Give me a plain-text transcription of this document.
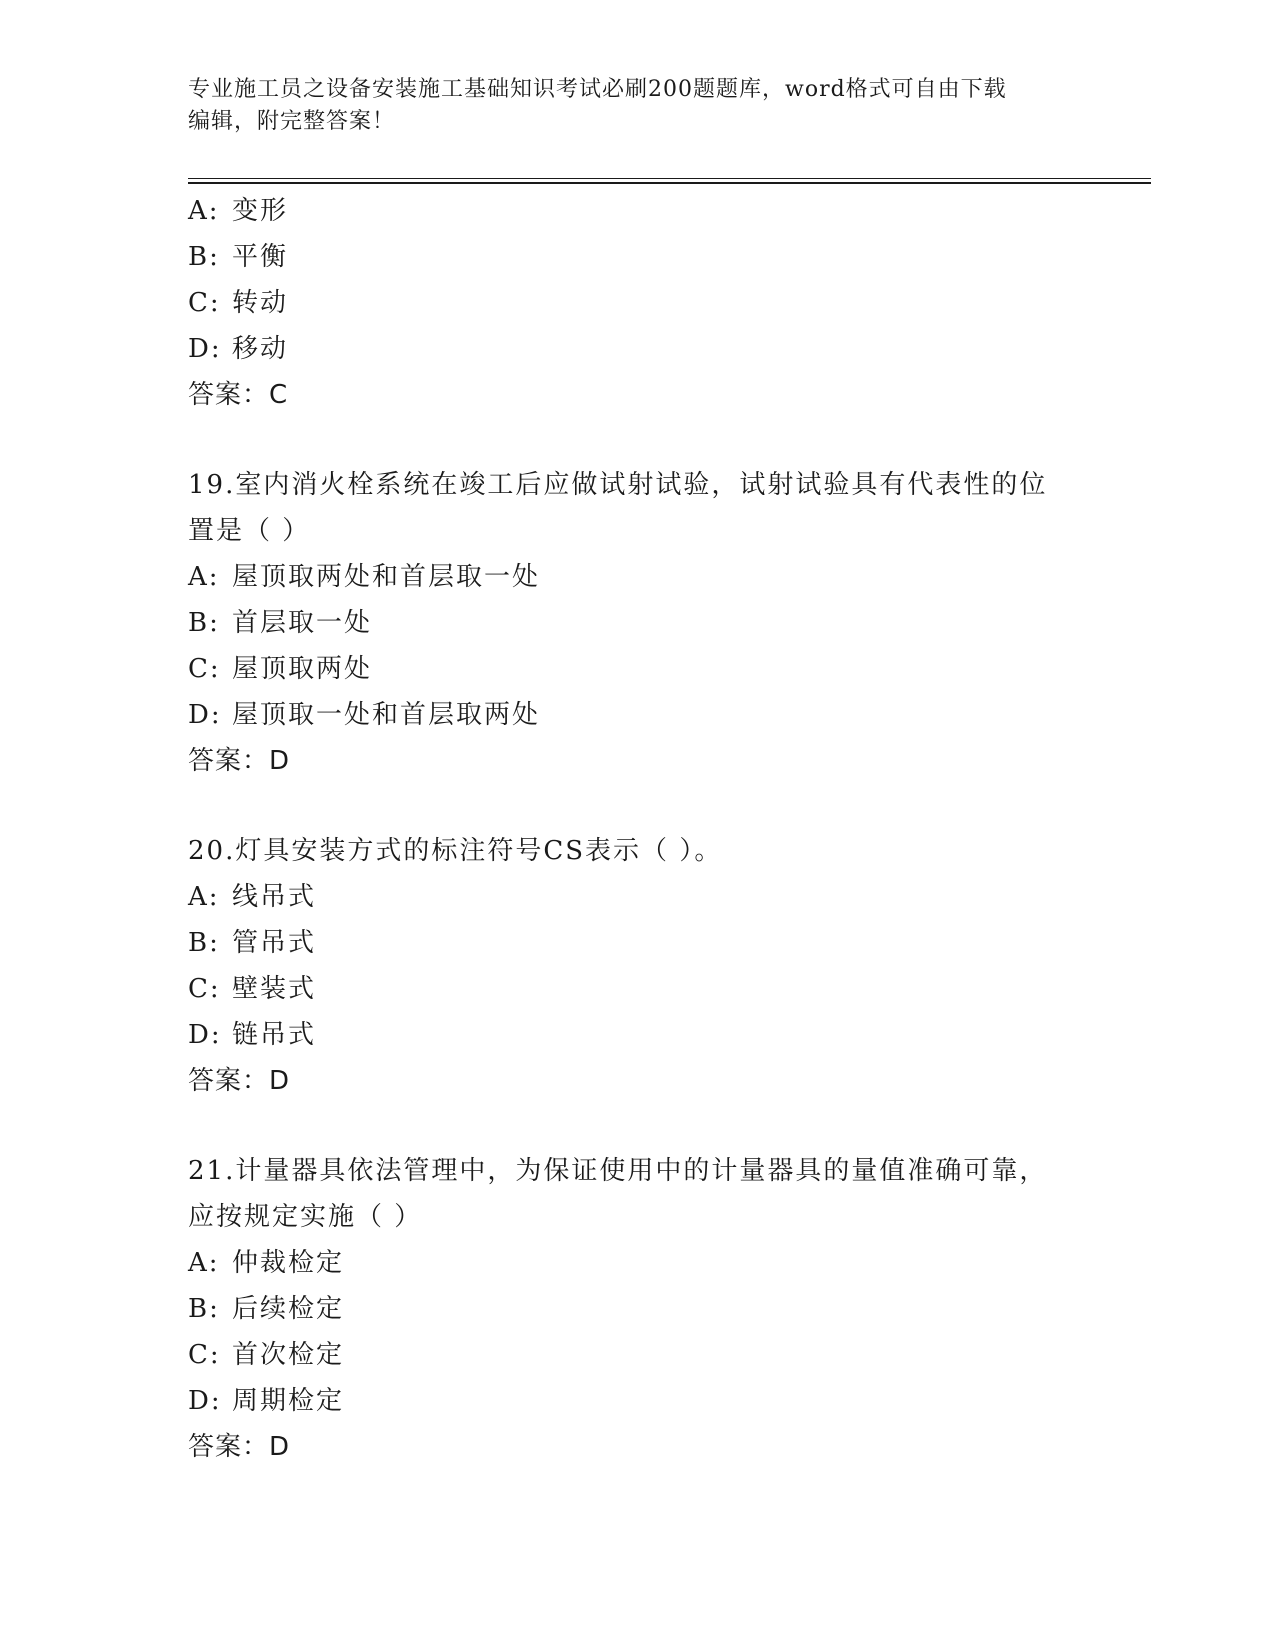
专业施工员之设备安装施工基础知识考试必刷200题题库，word格式可自由下载
编辑，附完整答案！
A: 变形
B: 平衡
C: 转动
D: 移动
答案：C
19.室内消火栓系统在竣工后应做试射试验，试射试验具有代表性的位
置是（ ）
A: 屋顶取两处和首层取一处
B: 首层取一处
C: 屋顶取两处
D: 屋顶取一处和首层取两处
答案：D
20.灯具安装方式的标注符号CS表示（ ）。
A: 线吊式
B: 管吊式
C: 壁装式
D: 链吊式
答案：D
21.计量器具依法管理中，为保证使用中的计量器具的量值准确可靠，
应按规定实施（ ）
A: 仲裁检定
B: 后续检定
C: 首次检定
D: 周期检定
答案：D
